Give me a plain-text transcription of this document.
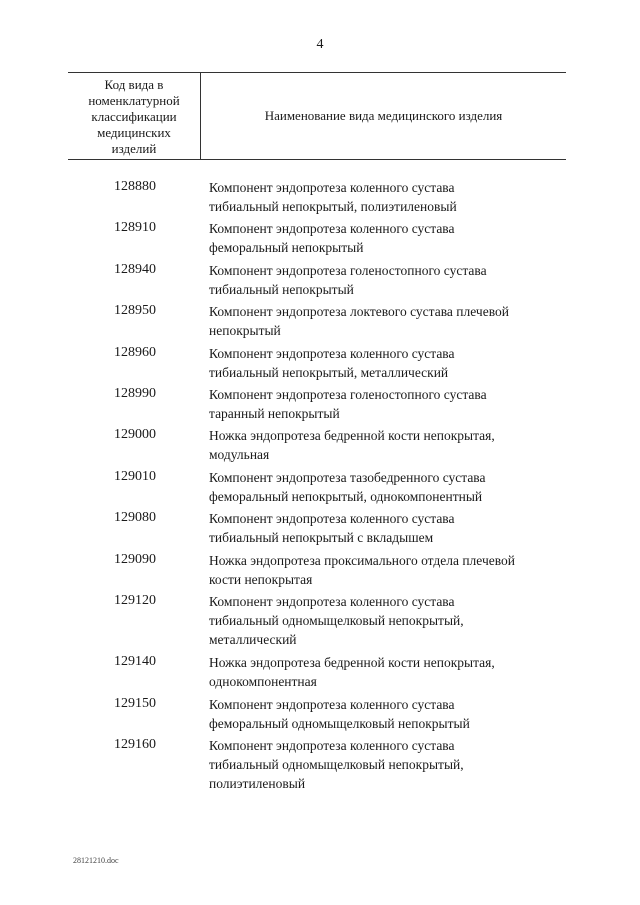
4
Код вида в
номенклатурной
классификации
медицинских
изделий
Наименование вида медицинского изделия
128880	Компонент эндопротеза коленного сустава
тибиальный непокрытый, полиэтиленовый
128910	Компонент эндопротеза коленного сустава
феморальный непокрытый
128940	Компонент эндопротеза голеностопного сустава
тибиальный непокрытый
128950	Компонент эндопротеза локтевого сустава плечевой
непокрытый
128960	Компонент эндопротеза коленного сустава
тибиальный непокрытый, металлический
128990	Компонент эндопротеза голеностопного сустава
таранный непокрытый
129000	Ножка эндопротеза бедренной кости непокрытая,
модульная
129010	Компонент эндопротеза тазобедренного сустава
феморальный непокрытый, однокомпонентный
129080	Компонент эндопротеза коленного сустава
тибиальный непокрытый с вкладышем
129090	Ножка эндопротеза проксимального отдела плечевой
кости непокрытая
129120	Компонент эндопротеза коленного сустава
тибиальный одномыщелковый непокрытый,
металлический
129140	Ножка эндопротеза бедренной кости непокрытая,
однокомпонентная
129150	Компонент эндопротеза коленного сустава
феморальный одномыщелковый непокрытый
129160	Компонент эндопротеза коленного сустава
тибиальный одномыщелковый непокрытый,
полиэтиленовый
28121210.doc
